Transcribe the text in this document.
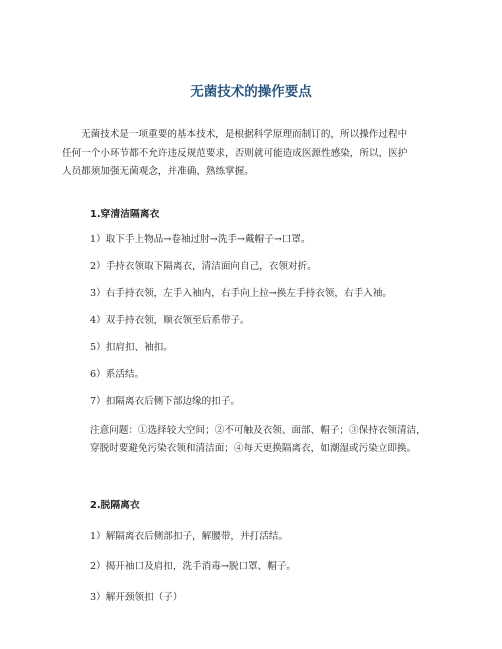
无菌技术的操作要点
无菌技术是一项重要的基本技术，是根据科学原理而制订的，所以操作过程中
任何一个小环节都不允许违反规范要求，否则就可能造成医源性感染，所以，医护
人员都须加强无菌观念，并准确、熟练掌握。
1.穿清洁隔离衣
1）取下手上物品→卷袖过肘→洗手→戴帽子→口罩。
2）手持衣领取下隔离衣，清洁面向自己，衣领对折。
3）右手持衣领，左手入袖内，右手向上拉→换左手持衣领，右手入袖。
4）双手持衣领，顺衣领至后系带子。
5）扣肩扣、袖扣。
6）系活结。
注意问题：①选择较大空间；②不可触及衣领、面部、帽子；③保持衣领清洁，
穿脱时要避免污染衣领和清洁面；④每天更换隔离衣，如潮湿或污染立即换。
2.脱隔离衣
1）解隔离衣后侧部扣子，解腰带，并打活结。
2）揭开袖口及肩扣，洗手消毒→脱口罩、帽子。
3）解开颈领扣（子）
7）扣隔离衣后侧下部边缘的扣子。
